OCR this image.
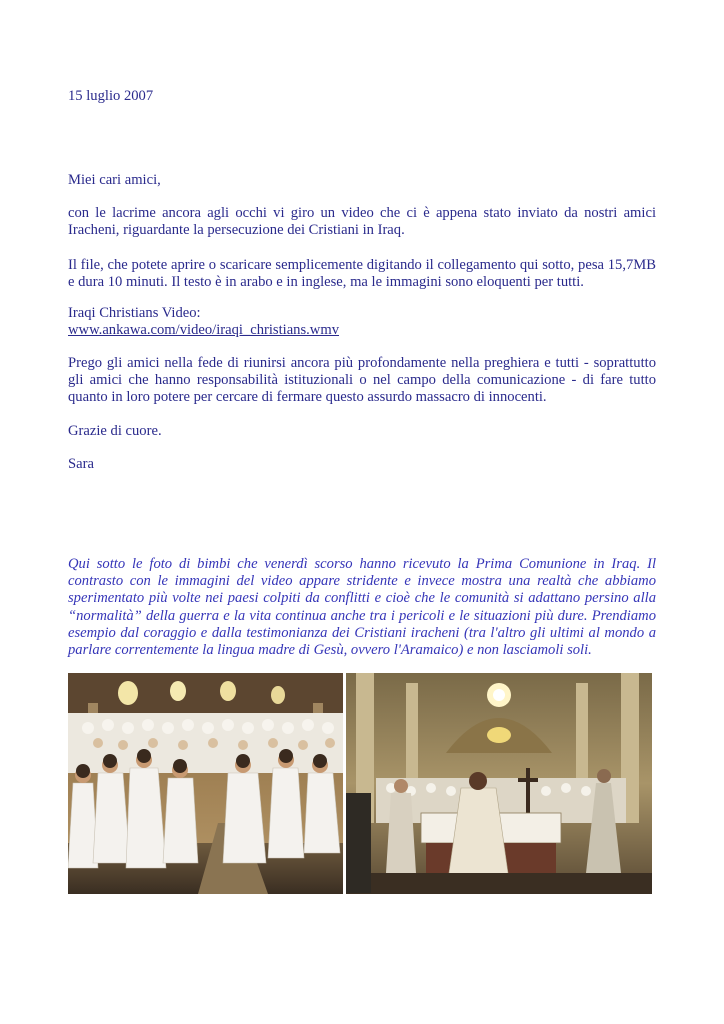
15 luglio 2007

Miei cari amici,

con le lacrime ancora agli occhi vi giro un video che ci è appena stato inviato da nostri amici Iracheni, riguardante la persecuzione dei Cristiani in Iraq.

Il file, che potete aprire o scaricare semplicemente digitando il collegamento qui sotto, pesa 15,7MB e dura 10 minuti. Il testo è in arabo e in inglese, ma le immagini sono eloquenti per tutti.

Iraqi Christians Video:

www.ankawa.com/video/iraqi_christians.wmv

Prego gli amici nella fede di riunirsi ancora più profondamente nella preghiera e tutti - soprattutto gli amici che hanno responsabilità istituzionali o nel campo della comunicazione - di fare tutto quanto in loro potere per cercare di fermare questo assurdo massacro di innocenti.

Grazie di cuore.

Sara

Qui sotto le foto di bimbi che venerdì scorso hanno ricevuto la Prima Comunione in Iraq. Il contrasto con le immagini del video appare stridente e invece mostra una realtà che abbiamo sperimentato più volte nei paesi colpiti da conflitti e cioè che le comunità si adattano persino alla “normalità” della guerra e la vita continua anche tra i pericoli e le situazioni più dure. Prendiamo esempio dal coraggio e dalla testimonianza dei Cristiani iracheni (tra l'altro gli ultimi al mondo a parlare correntemente la lingua madre di Gesù, ovvero l'Aramaico) e non lasciamoli soli.
